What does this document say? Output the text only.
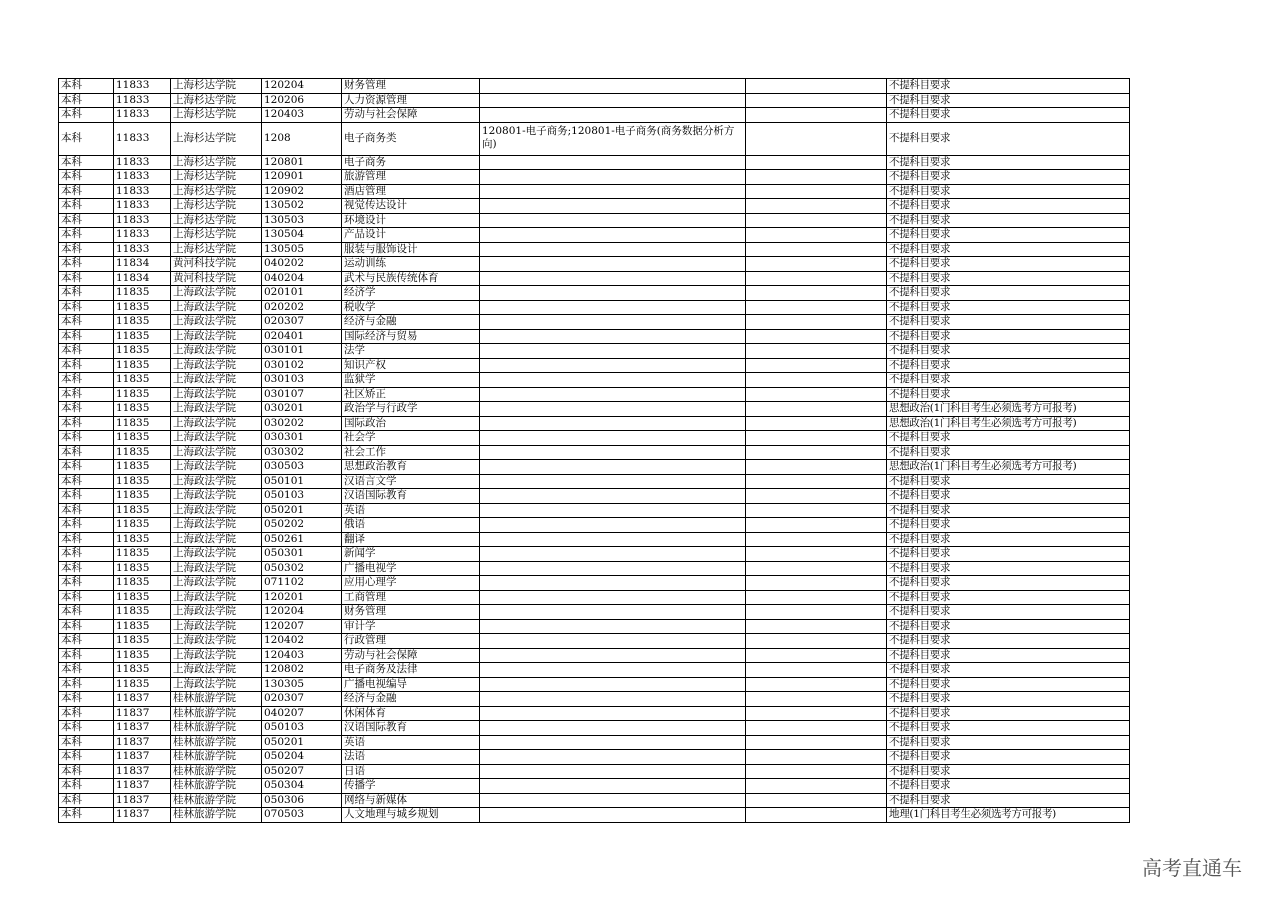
本科	11833	上海杉达学院	120204	财务管理			不提科目要求
本科	11833	上海杉达学院	120206	人力资源管理			不提科目要求
本科	11833	上海杉达学院	120403	劳动与社会保障			不提科目要求
本科	11833	上海杉达学院	1208	电子商务类	120801-电子商务;120801-电子商务(商务数据分析方向)		不提科目要求
本科	11833	上海杉达学院	120801	电子商务			不提科目要求
本科	11833	上海杉达学院	120901	旅游管理			不提科目要求
本科	11833	上海杉达学院	120902	酒店管理			不提科目要求
本科	11833	上海杉达学院	130502	视觉传达设计			不提科目要求
本科	11833	上海杉达学院	130503	环境设计			不提科目要求
本科	11833	上海杉达学院	130504	产品设计			不提科目要求
本科	11833	上海杉达学院	130505	服装与服饰设计			不提科目要求
本科	11834	黄河科技学院	040202	运动训练			不提科目要求
本科	11834	黄河科技学院	040204	武术与民族传统体育			不提科目要求
本科	11835	上海政法学院	020101	经济学			不提科目要求
本科	11835	上海政法学院	020202	税收学			不提科目要求
本科	11835	上海政法学院	020307	经济与金融			不提科目要求
本科	11835	上海政法学院	020401	国际经济与贸易			不提科目要求
本科	11835	上海政法学院	030101	法学			不提科目要求
本科	11835	上海政法学院	030102	知识产权			不提科目要求
本科	11835	上海政法学院	030103	监狱学			不提科目要求
本科	11835	上海政法学院	030107	社区矫正			不提科目要求
本科	11835	上海政法学院	030201	政治学与行政学			思想政治(1门科目考生必须选考方可报考)
本科	11835	上海政法学院	030202	国际政治			思想政治(1门科目考生必须选考方可报考)
本科	11835	上海政法学院	030301	社会学			不提科目要求
本科	11835	上海政法学院	030302	社会工作			不提科目要求
本科	11835	上海政法学院	030503	思想政治教育			思想政治(1门科目考生必须选考方可报考)
本科	11835	上海政法学院	050101	汉语言文学			不提科目要求
本科	11835	上海政法学院	050103	汉语国际教育			不提科目要求
本科	11835	上海政法学院	050201	英语			不提科目要求
本科	11835	上海政法学院	050202	俄语			不提科目要求
本科	11835	上海政法学院	050261	翻译			不提科目要求
本科	11835	上海政法学院	050301	新闻学			不提科目要求
本科	11835	上海政法学院	050302	广播电视学			不提科目要求
本科	11835	上海政法学院	071102	应用心理学			不提科目要求
本科	11835	上海政法学院	120201	工商管理			不提科目要求
本科	11835	上海政法学院	120204	财务管理			不提科目要求
本科	11835	上海政法学院	120207	审计学			不提科目要求
本科	11835	上海政法学院	120402	行政管理			不提科目要求
本科	11835	上海政法学院	120403	劳动与社会保障			不提科目要求
本科	11835	上海政法学院	120802	电子商务及法律			不提科目要求
本科	11835	上海政法学院	130305	广播电视编导			不提科目要求
本科	11837	桂林旅游学院	020307	经济与金融			不提科目要求
本科	11837	桂林旅游学院	040207	休闲体育			不提科目要求
本科	11837	桂林旅游学院	050103	汉语国际教育			不提科目要求
本科	11837	桂林旅游学院	050201	英语			不提科目要求
本科	11837	桂林旅游学院	050204	法语			不提科目要求
本科	11837	桂林旅游学院	050207	日语			不提科目要求
本科	11837	桂林旅游学院	050304	传播学			不提科目要求
本科	11837	桂林旅游学院	050306	网络与新媒体			不提科目要求
本科	11837	桂林旅游学院	070503	人文地理与城乡规划			地理(1门科目考生必须选考方可报考)
高考直通车
